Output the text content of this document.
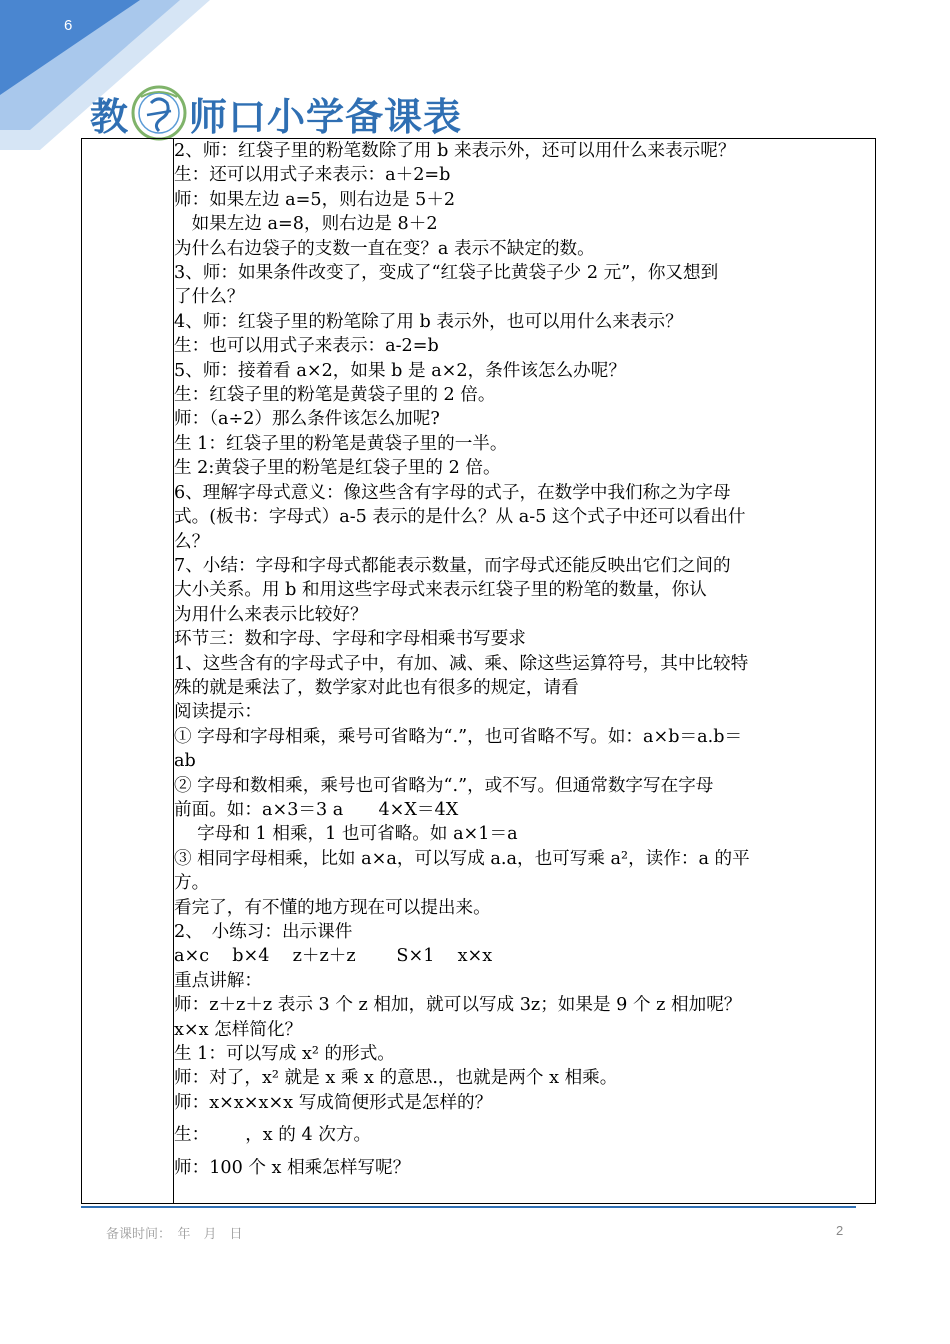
6
教 师口小学备课表

2、师：红袋子里的粉笔数除了用 b 来表示外，还可以用什么来表示呢？
生：还可以用式子来表示：a＋2=b
师：如果左边 a=5，则右边是 5＋2
　如果左边 a=8，则右边是 8＋2
为什么右边袋子的支数一直在变？a 表示不缺定的数。
3、师：如果条件改变了，变成了“红袋子比黄袋子少 2 元”，你又想到
了什么？
4、师：红袋子里的粉笔除了用 b 表示外，也可以用什么来表示？
生：也可以用式子来表示：a-2=b
5、师：接着看 a×2，如果 b 是 a×2，条件该怎么办呢？
生：红袋子里的粉笔是黄袋子里的 2 倍。
师：（a÷2）那么条件该怎么加呢?
生 1：红袋子里的粉笔是黄袋子里的一半。
生 2:黄袋子里的粉笔是红袋子里的 2 倍。
6、理解字母式意义：像这些含有字母的式子，在数学中我们称之为字母
式。(板书：字母式）a-5 表示的是什么？从 a-5 这个式子中还可以看出什
么？
7、小结：字母和字母式都能表示数量，而字母式还能反映出它们之间的
大小关系。用 b 和用这些字母式来表示红袋子里的粉笔的数量，你认
为用什么来表示比较好？
环节三：数和字母、字母和字母相乘书写要求
1、这些含有的字母式子中，有加、减、乘、除这些运算符号，其中比较特
殊的就是乘法了，数学家对此也有很多的规定，请看
阅读提示：
① 字母和字母相乘，乘号可省略为“.”，也可省略不写。如：a×b＝a.b＝
ab
② 字母和数相乘，乘号也可省略为“.”，或不写。但通常数字写在字母
前面。如：a×3＝3 a　　4×X＝4X
　 字母和 1 相乘，1 也可省略。如 a×1＝a
③ 相同字母相乘，比如 a×a，可以写成 a.a，也可写乘 a²，读作：a 的平
方。
看完了，有不懂的地方现在可以提出来。
2、　小练习：出示课件
a×c　 b×4　 z＋z＋z　　 S×1　 x×x
重点讲解：
师：z＋z＋z 表示 3 个 z 相加，就可以写成 3z；如果是 9 个 z 相加呢？
x×x 怎样简化？
生 1：可以写成 x² 的形式。
师：对了，x² 就是 x 乘 x 的意思.，也就是两个 x 相乘。
师：x×x×x×x 写成简便形式是怎样的？
生： ，x 的 4 次方。
师：100 个 x 相乘怎样写呢？
备课时间：　年　月　日	2
